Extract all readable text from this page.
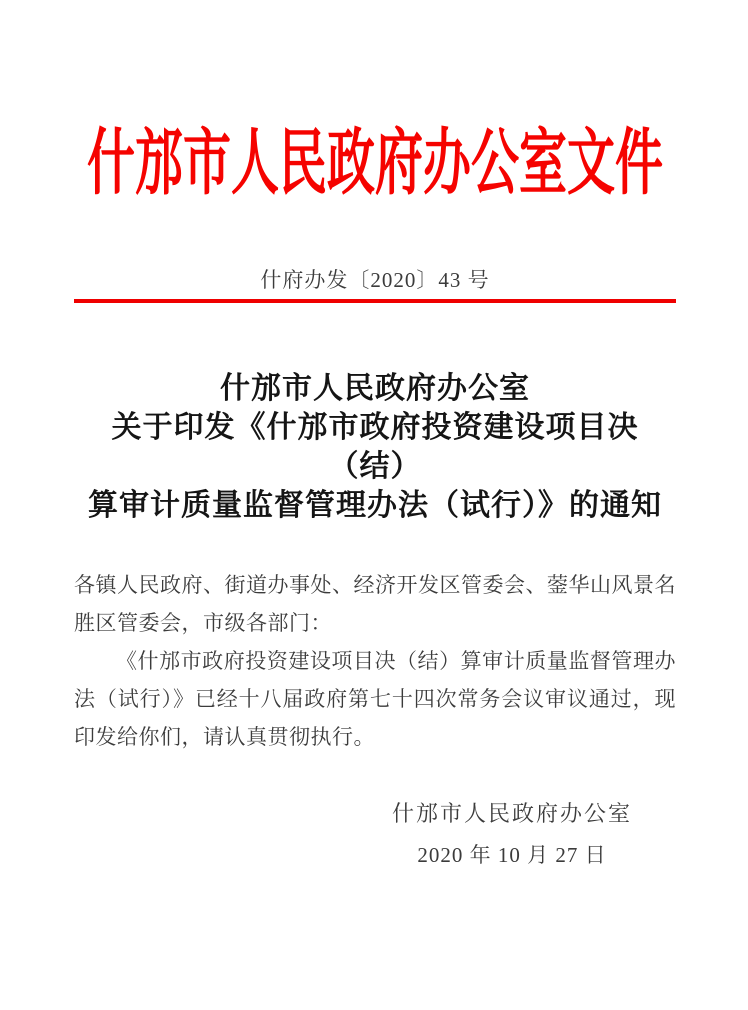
什邡市人民政府办公室文件
什府办发〔2020〕43 号
什邡市人民政府办公室
关于印发《什邡市政府投资建设项目决（结）
算审计质量监督管理办法（试行）》的通知

各镇人民政府、街道办事处、经济开发区管委会、蓥华山风景名胜区管委会，市级各部门：

《什邡市政府投资建设项目决（结）算审计质量监督管理办法（试行）》已经十八届政府第七十四次常务会议审议通过，现印发给你们，请认真贯彻执行。

什邡市人民政府办公室
2020 年 10 月 27 日
